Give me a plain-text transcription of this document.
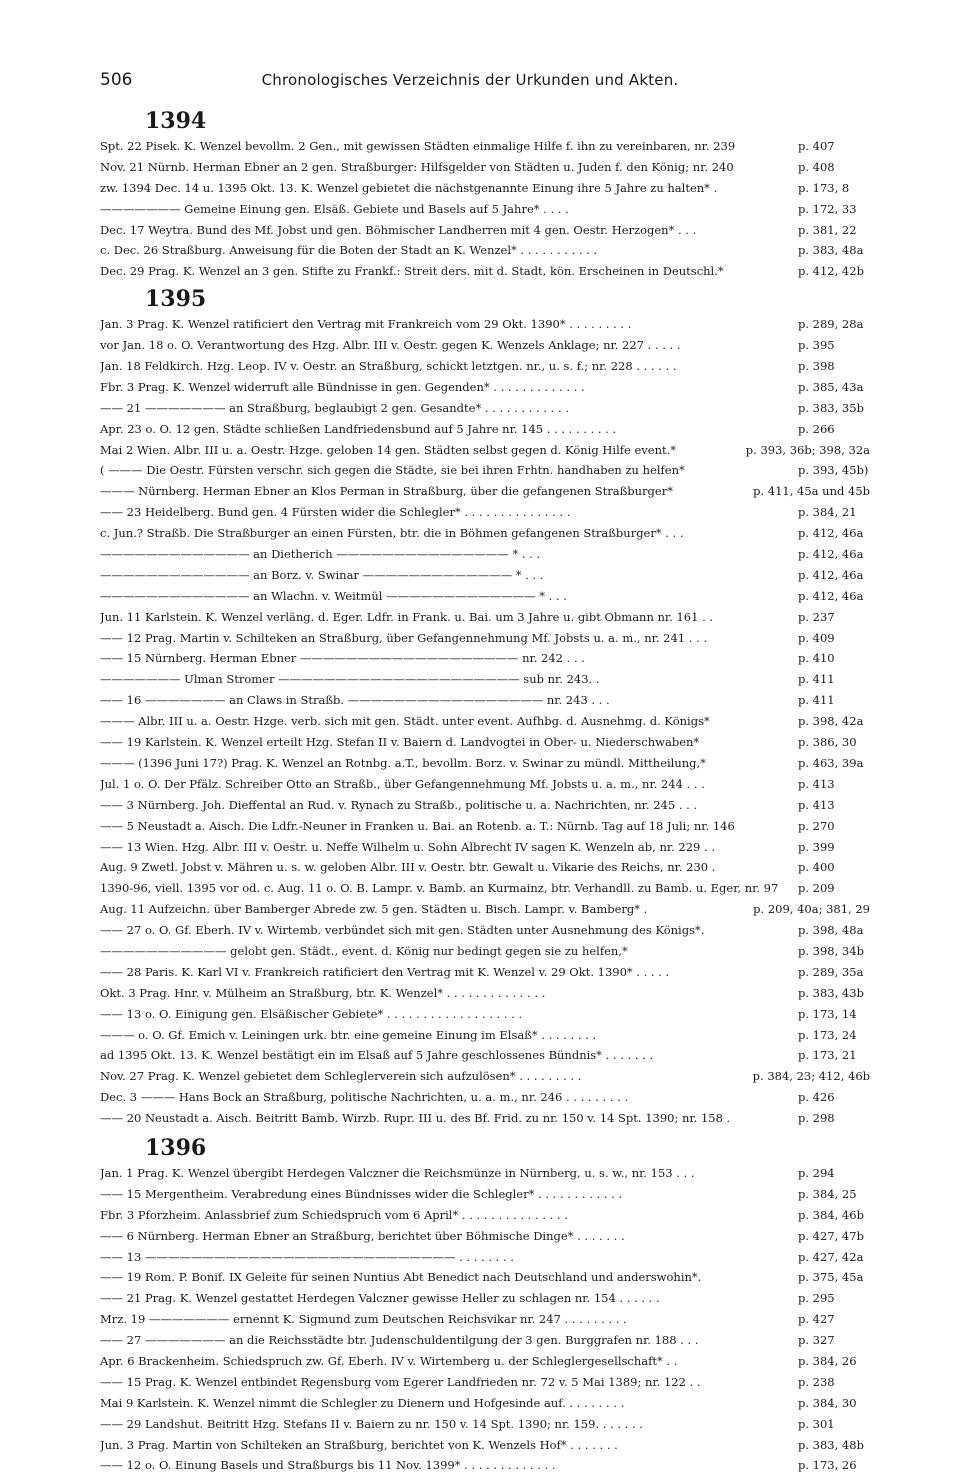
506	Chronologisches Verzeichnis der Urkunden und Akten.
1394
Spt. 22 Pisek. K. Wenzel bevollm. 2 Gen., mit gewissen Städten einmalige Hilfe f. ihn zu vereinbaren, nr. 239	p. 407
Nov. 21 Nürnb. Herman Ebner an 2 gen. Straßburger: Hilfsgelder von Städten u. Juden f. den König; nr. 240	p. 408
zw. 1394 Dec. 14 u. 1395 Okt. 13. K. Wenzel gebietet die nächstgenannte Einung ihre 5 Jahre zu halten* .	p. 173, 8
——————— Gemeine Einung gen. Elsäß. Gebiete und Basels auf 5 Jahre* . . . .	p. 172, 33
Dec. 17 Weytra. Bund des Mf. Jobst und gen. Böhmischer Landherren mit 4 gen. Oestr. Herzogen* . . .	p. 381, 22
c. Dec. 26 Straßburg. Anweisung für die Boten der Stadt an K. Wenzel* . . . . . . . . . . .	p. 383, 48a
Dec. 29 Prag. K. Wenzel an 3 gen. Stifte zu Frankf.: Streit ders. mit d. Stadt, kön. Erscheinen in Deutschl.*	p. 412, 42b
1395
Jan. 3 Prag. K. Wenzel ratificiert den Vertrag mit Frankreich vom 29 Okt. 1390* . . . . . . . . .	p. 289, 28a
vor Jan. 18 o. O. Verantwortung des Hzg. Albr. III v. Oestr. gegen K. Wenzels Anklage; nr. 227 . . . . .	p. 395
Jan. 18 Feldkirch. Hzg. Leop. IV v. Oestr. an Straßburg, schickt letztgen. nr., u. s. f.; nr. 228 . . . . . .	p. 398
Fbr. 3 Prag. K. Wenzel widerruft alle Bündnisse in gen. Gegenden* . . . . . . . . . . . . .	p. 385, 43a
—— 21 ——————— an Straßburg, beglaubigt 2 gen. Gesandte* . . . . . . . . . . . .	p. 383, 35b
Apr. 23 o. O. 12 gen. Städte schließen Landfriedensbund auf 5 Jahre nr. 145 . . . . . . . . . .	p. 266
Mai 2 Wien. Albr. III u. a. Oestr. Hzge. geloben 14 gen. Städten selbst gegen d. König Hilfe event.*	p. 393, 36b; 398, 32a
( ——— Die Oestr. Fürsten verschr. sich gegen die Städte, sie bei ihren Frhtn. handhaben zu helfen*	p. 393, 45b)
——— Nürnberg. Herman Ebner an Klos Perman in Straßburg, über die gefangenen Straßburger*	p. 411, 45a und 45b
—— 23 Heidelberg. Bund gen. 4 Fürsten wider die Schlegler* . . . . . . . . . . . . . . .	p. 384, 21
c. Jun.? Straßb. Die Straßburger an einen Fürsten, btr. die in Böhmen gefangenen Straßburger* . . .	p. 412, 46a
————————————— an Dietherich ——————————————— * . . .	p. 412, 46a
————————————— an Borz. v. Swinar ————————————— * . . .	p. 412, 46a
————————————— an Wlachn. v. Weitmül ————————————— * . . .	p. 412, 46a
Jun. 11 Karlstein. K. Wenzel verläng. d. Eger. Ldfr. in Frank. u. Bai. um 3 Jahre u. gibt Obmann nr. 161 . .	p. 237
—— 12 Prag. Martin v. Schilteken an Straßburg, über Gefangennehmung Mf. Jobsts u. a. m., nr. 241 . . .	p. 409
—— 15 Nürnberg. Herman Ebner ——————————————————— nr. 242 . . .	p. 410
——————— Ulman Stromer ————————————————————— sub nr. 243. .	p. 411
—— 16 ——————— an Claws in Straßb. ————————————————— nr. 243 . . .	p. 411
——— Albr. III u. a. Oestr. Hzge. verb. sich mit gen. Städt. unter event. Aufhbg. d. Ausnehmg. d. Königs*	p. 398, 42a
—— 19 Karlstein. K. Wenzel erteilt Hzg. Stefan II v. Baiern d. Landvogtei in Ober- u. Niederschwaben*	p. 386, 30
——— (1396 Juni 17?) Prag. K. Wenzel an Rotnbg. a.T., bevollm. Borz. v. Swinar zu mündl. Mittheilung,*	p. 463, 39a
Jul. 1 o. O. Der Pfälz. Schreiber Otto an Straßb., über Gefangennehmung Mf. Jobsts u. a. m., nr. 244 . . .	p. 413
—— 3 Nürnberg. Joh. Dieffental an Rud. v. Rynach zu Straßb., politische u. a. Nachrichten, nr. 245 . . .	p. 413
—— 5 Neustadt a. Aisch. Die Ldfr.-Neuner in Franken u. Bai. an Rotenb. a. T.: Nürnb. Tag auf 18 Juli; nr. 146	p. 270
—— 13 Wien. Hzg. Albr. III v. Oestr. u. Neffe Wilhelm u. Sohn Albrecht IV sagen K. Wenzeln ab, nr. 229 . .	p. 399
Aug. 9 Zwetl. Jobst v. Mähren u. s. w. geloben Albr. III v. Oestr. btr. Gewalt u. Vikarie des Reichs, nr. 230 .	p. 400
1390-96, viell. 1395 vor od. c. Aug. 11 o. O. B. Lampr. v. Bamb. an Kurmainz, btr. Verhandll. zu Bamb. u. Eger, nr. 97	p. 209
Aug. 11 Aufzeichn. über Bamberger Abrede zw. 5 gen. Städten u. Bisch. Lampr. v. Bamberg* .	p. 209, 40a; 381, 29
—— 27 o. O. Gf. Eberh. IV v. Wirtemb. verbündet sich mit gen. Städten unter Ausnehmung des Königs*.	p. 398, 48a
——————————— gelobt gen. Städt., event. d. König nur bedingt gegen sie zu helfen,*	p. 398, 34b
—— 28 Paris. K. Karl VI v. Frankreich ratificiert den Vertrag mit K. Wenzel v. 29 Okt. 1390* . . . . .	p. 289, 35a
Okt. 3 Prag. Hnr. v. Mülheim an Straßburg, btr. K. Wenzel* . . . . . . . . . . . . . .	p. 383, 43b
—— 13 o. O. Einigung gen. Elsäßischer Gebiete* . . . . . . . . . . . . . . . . . . .	p. 173, 14
——— o. O. Gf. Emich v. Leiningen urk. btr. eine gemeine Einung im Elsaß* . . . . . . . .	p. 173, 24
ad 1395 Okt. 13. K. Wenzel bestätigt ein im Elsaß auf 5 Jahre geschlossenes Bündnis* . . . . . . .	p. 173, 21
Nov. 27 Prag. K. Wenzel gebietet dem Schleglerverein sich aufzulösen* . . . . . . . . .	p. 384, 23; 412, 46b
Dec. 3 ——— Hans Bock an Straßburg, politische Nachrichten, u. a. m., nr. 246 . . . . . . . . .	p. 426
—— 20 Neustadt a. Aisch. Beitritt Bamb. Wirzb. Rupr. III u. des Bf. Frid. zu nr. 150 v. 14 Spt. 1390; nr. 158 .	p. 298
1396
Jan. 1 Prag. K. Wenzel übergibt Herdegen Valczner die Reichsmünze in Nürnberg, u. s. w., nr. 153 . . .	p. 294
—— 15 Mergentheim. Verabredung eines Bündnisses wider die Schlegler* . . . . . . . . . . . .	p. 384, 25
Fbr. 3 Pforzheim. Anlassbrief zum Schiedspruch vom 6 April* . . . . . . . . . . . . . . .	p. 384, 46b
—— 6 Nürnberg. Herman Ebner an Straßburg, berichtet über Böhmische Dinge* . . . . . . .	p. 427, 47b
—— 13 ——————————————————————————— . . . . . . . .	p. 427, 42a
—— 19 Rom. P. Bonif. IX Geleite für seinen Nuntius Abt Benedict nach Deutschland und anderswohin*.	p. 375, 45a
—— 21 Prag. K. Wenzel gestattet Herdegen Valczner gewisse Heller zu schlagen nr. 154 . . . . . .	p. 295
Mrz. 19 ——————— ernennt K. Sigmund zum Deutschen Reichsvikar nr. 247 . . . . . . . . .	p. 427
—— 27 ——————— an die Reichsstädte btr. Judenschuldentilgung der 3 gen. Burggrafen nr. 188 . . .	p. 327
Apr. 6 Brackenheim. Schiedspruch zw. Gf. Eberh. IV v. Wirtemberg u. der Schleglergesellschaft* . .	p. 384, 26
—— 15 Prag. K. Wenzel entbindet Regensburg vom Egerer Landfrieden nr. 72 v. 5 Mai 1389; nr. 122 . .	p. 238
Mai 9 Karlstein. K. Wenzel nimmt die Schlegler zu Dienern und Hofgesinde auf. . . . . . . . .	p. 384, 30
—— 29 Landshut. Beitritt Hzg. Stefans II v. Baiern zu nr. 150 v. 14 Spt. 1390; nr. 159. . . . . . .	p. 301
Jun. 3 Prag. Martin von Schilteken an Straßburg, berichtet von K. Wenzels Hof* . . . . . . .	p. 383, 48b
—— 12 o. O. Einung Basels und Straßburgs bis 11 Nov. 1399* . . . . . . . . . . . . .	p. 173, 26
